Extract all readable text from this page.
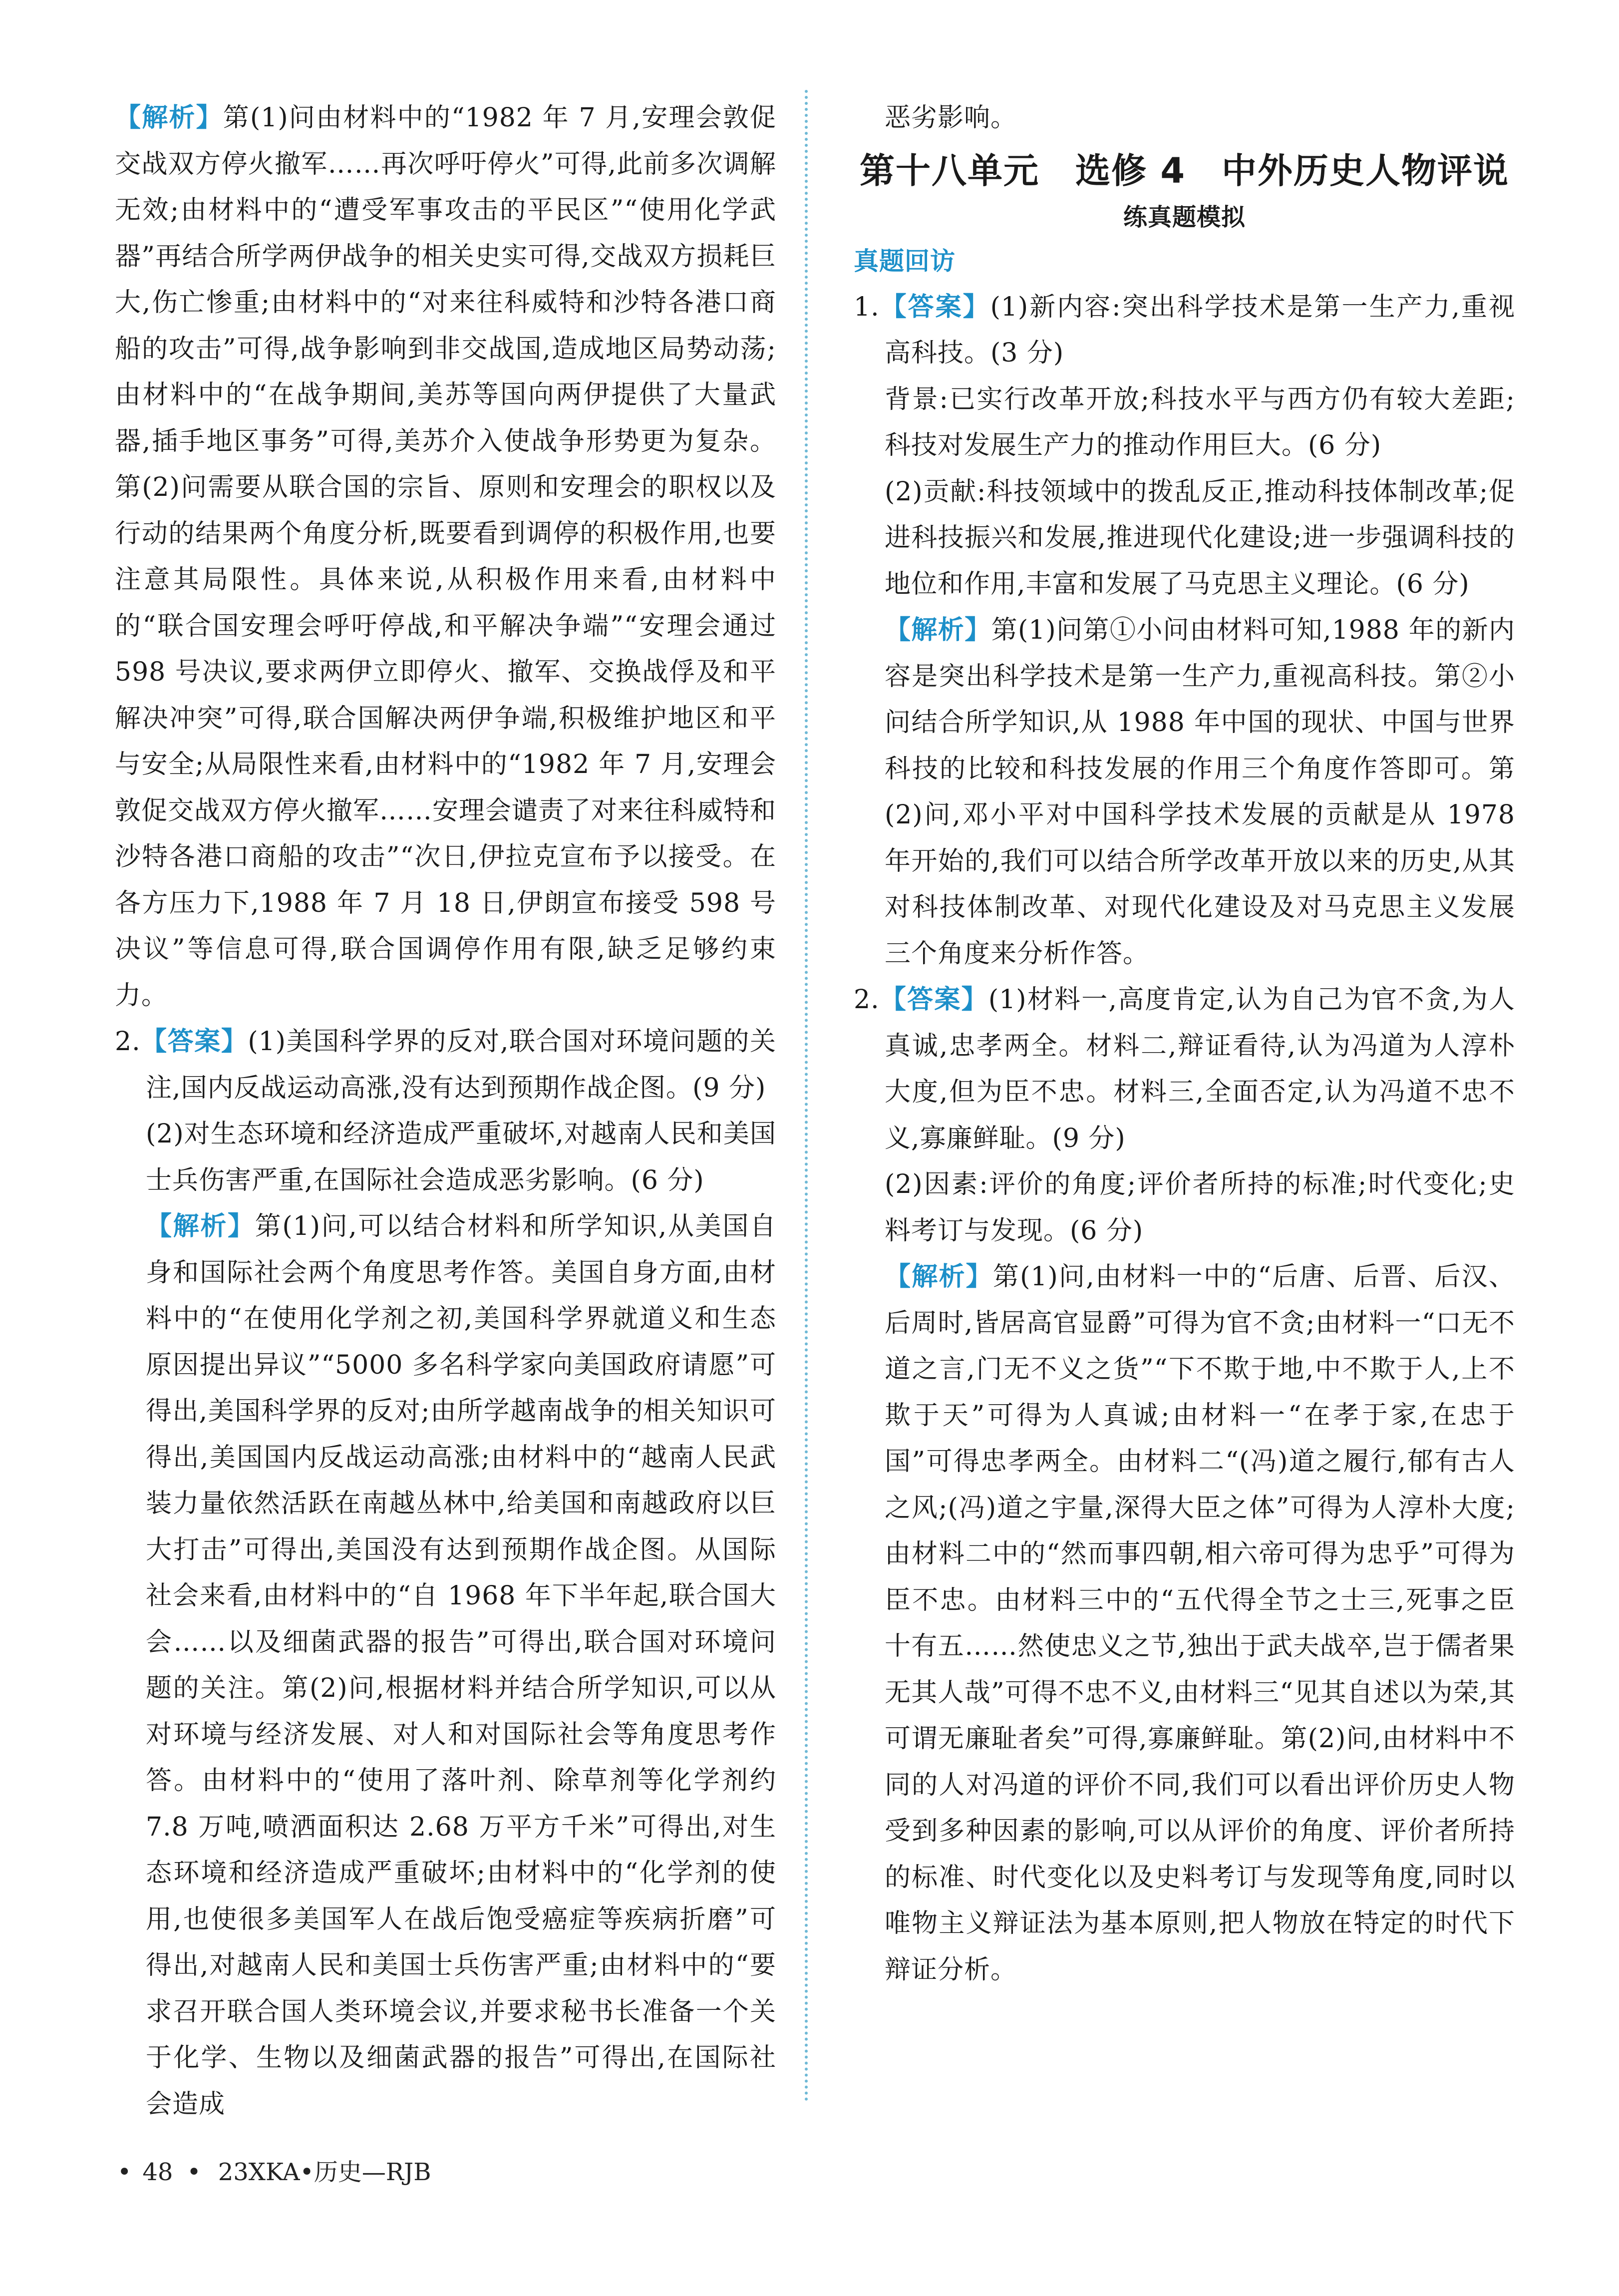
【解析】第(1)问由材料中的“1982 年 7 月,安理会敦促交战双方停火撤军……再次呼吁停火”可得,此前多次调解无效;由材料中的“遭受军事攻击的平民区”“使用化学武器”再结合所学两伊战争的相关史实可得,交战双方损耗巨大,伤亡惨重;由材料中的“对来往科威特和沙特各港口商船的攻击”可得,战争影响到非交战国,造成地区局势动荡;由材料中的“在战争期间,美苏等国向两伊提供了大量武器,插手地区事务”可得,美苏介入使战争形势更为复杂。第(2)问需要从联合国的宗旨、原则和安理会的职权以及行动的结果两个角度分析,既要看到调停的积极作用,也要注意其局限性。具体来说,从积极作用来看,由材料中的“联合国安理会呼吁停战,和平解决争端”“安理会通过 598 号决议,要求两伊立即停火、撤军、交换战俘及和平解决冲突”可得,联合国解决两伊争端,积极维护地区和平与安全;从局限性来看,由材料中的“1982 年 7 月,安理会敦促交战双方停火撤军……安理会谴责了对来往科威特和沙特各港口商船的攻击”“次日,伊拉克宣布予以接受。在各方压力下,1988 年 7 月 18 日,伊朗宣布接受 598 号决议”等信息可得,联合国调停作用有限,缺乏足够约束力。

2.【答案】(1)美国科学界的反对,联合国对环境问题的关注,国内反战运动高涨,没有达到预期作战企图。(9 分)

(2)对生态环境和经济造成严重破坏,对越南人民和美国士兵伤害严重,在国际社会造成恶劣影响。(6 分)

【解析】第(1)问,可以结合材料和所学知识,从美国自身和国际社会两个角度思考作答。美国自身方面,由材料中的“在使用化学剂之初,美国科学界就道义和生态原因提出异议”“5000 多名科学家向美国政府请愿”可得出,美国科学界的反对;由所学越南战争的相关知识可得出,美国国内反战运动高涨;由材料中的“越南人民武装力量依然活跃在南越丛林中,给美国和南越政府以巨大打击”可得出,美国没有达到预期作战企图。从国际社会来看,由材料中的“自 1968 年下半年起,联合国大会……以及细菌武器的报告”可得出,联合国对环境问题的关注。第(2)问,根据材料并结合所学知识,可以从对环境与经济发展、对人和对国际社会等角度思考作答。由材料中的“使用了落叶剂、除草剂等化学剂约7.8 万吨,喷洒面积达 2.68 万平方千米”可得出,对生态环境和经济造成严重破坏;由材料中的“化学剂的使用,也使很多美国军人在战后饱受癌症等疾病折磨”可得出,对越南人民和美国士兵伤害严重;由材料中的“要求召开联合国人类环境会议,并要求秘书长准备一个关于化学、生物以及细菌武器的报告”可得出,在国际社会造成

恶劣影响。

第十八单元　选修 4　中外历史人物评说
练真题模拟
真题回访

1.【答案】(1)新内容:突出科学技术是第一生产力,重视高科技。(3 分)

背景:已实行改革开放;科技水平与西方仍有较大差距;科技对发展生产力的推动作用巨大。(6 分)

(2)贡献:科技领域中的拨乱反正,推动科技体制改革;促进科技振兴和发展,推进现代化建设;进一步强调科技的地位和作用,丰富和发展了马克思主义理论。(6 分)

【解析】第(1)问第①小问由材料可知,1988 年的新内容是突出科学技术是第一生产力,重视高科技。第②小问结合所学知识,从 1988 年中国的现状、中国与世界科技的比较和科技发展的作用三个角度作答即可。第(2)问,邓小平对中国科学技术发展的贡献是从 1978 年开始的,我们可以结合所学改革开放以来的历史,从其对科技体制改革、对现代化建设及对马克思主义发展三个角度来分析作答。

2.【答案】(1)材料一,高度肯定,认为自己为官不贪,为人真诚,忠孝两全。材料二,辩证看待,认为冯道为人淳朴大度,但为臣不忠。材料三,全面否定,认为冯道不忠不义,寡廉鲜耻。(9 分)

(2)因素:评价的角度;评价者所持的标准;时代变化;史料考订与发现。(6 分)

【解析】第(1)问,由材料一中的“后唐、后晋、后汉、后周时,皆居高官显爵”可得为官不贪;由材料一“口无不道之言,门无不义之货”“下不欺于地,中不欺于人,上不欺于天”可得为人真诚;由材料一“在孝于家,在忠于国”可得忠孝两全。由材料二“(冯)道之履行,郁有古人之风;(冯)道之宇量,深得大臣之体”可得为人淳朴大度;由材料二中的“然而事四朝,相六帝可得为忠乎”可得为臣不忠。由材料三中的“五代得全节之士三,死事之臣十有五……然使忠义之节,独出于武夫战卒,岂于儒者果无其人哉”可得不忠不义,由材料三“见其自述以为荣,其可谓无廉耻者矣”可得,寡廉鲜耻。第(2)问,由材料中不同的人对冯道的评价不同,我们可以看出评价历史人物受到多种因素的影响,可以从评价的角度、评价者所持的标准、时代变化以及史料考订与发现等角度,同时以唯物主义辩证法为基本原则,把人物放在特定的时代下辩证分析。

• 48 • 23XKA•历史—RJB
